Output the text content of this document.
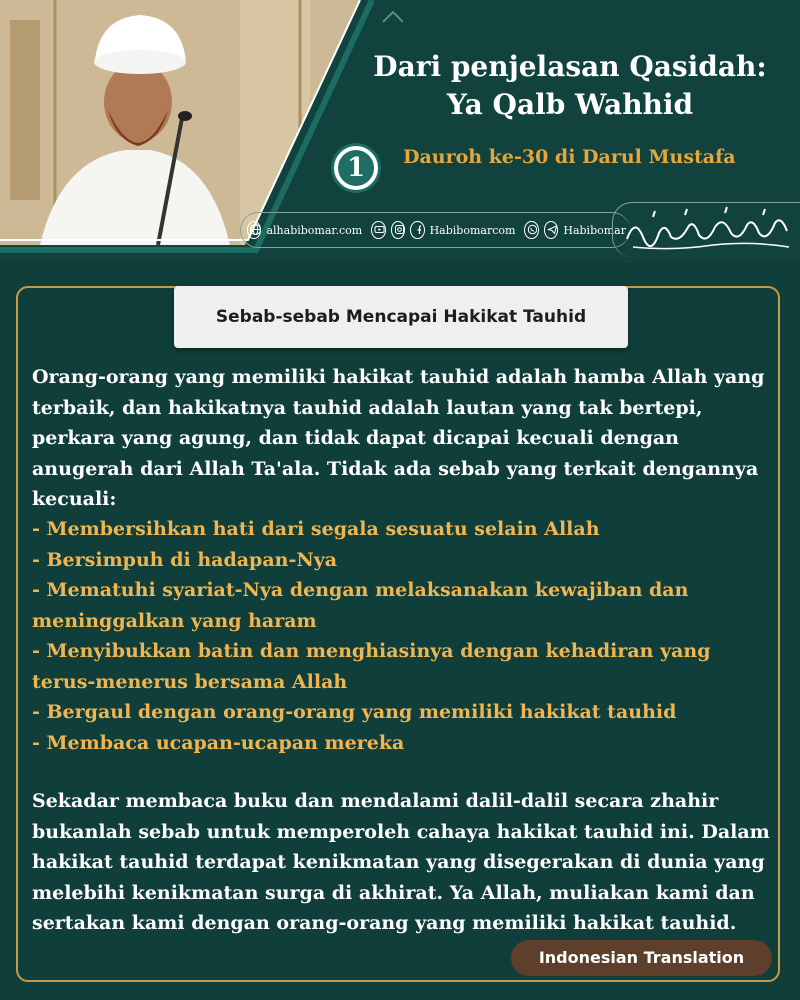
Dari penjelasan Qasidah:
Ya Qalb Wahhid
1	Dauroh ke-30 di Darul Mustafa
alhabibomar.com	Habibomarcom	Habibomar
Sebab-sebab Mencapai Hakikat Tauhid

Orang-orang yang memiliki hakikat tauhid adalah hamba Allah yang terbaik, dan hakikatnya tauhid adalah lautan yang tak bertepi, perkara yang agung, dan tidak dapat dicapai kecuali dengan anugerah dari Allah Ta'ala. Tidak ada sebab yang terkait dengannya kecuali:

- Membersihkan hati dari segala sesuatu selain Allah
- Bersimpuh di hadapan-Nya
- Mematuhi syariat-Nya dengan melaksanakan kewajiban dan meninggalkan yang haram
- Menyibukkan batin dan menghiasinya dengan kehadiran yang terus-menerus bersama Allah
- Bergaul dengan orang-orang yang memiliki hakikat tauhid
- Membaca ucapan-ucapan mereka

Sekadar membaca buku dan mendalami dalil-dalil secara zhahir bukanlah sebab untuk memperoleh cahaya hakikat tauhid ini. Dalam hakikat tauhid terdapat kenikmatan yang disegerakan di dunia yang melebihi kenikmatan surga di akhirat. Ya Allah, muliakan kami dan sertakan kami dengan orang-orang yang memiliki hakikat tauhid.

Indonesian Translation
